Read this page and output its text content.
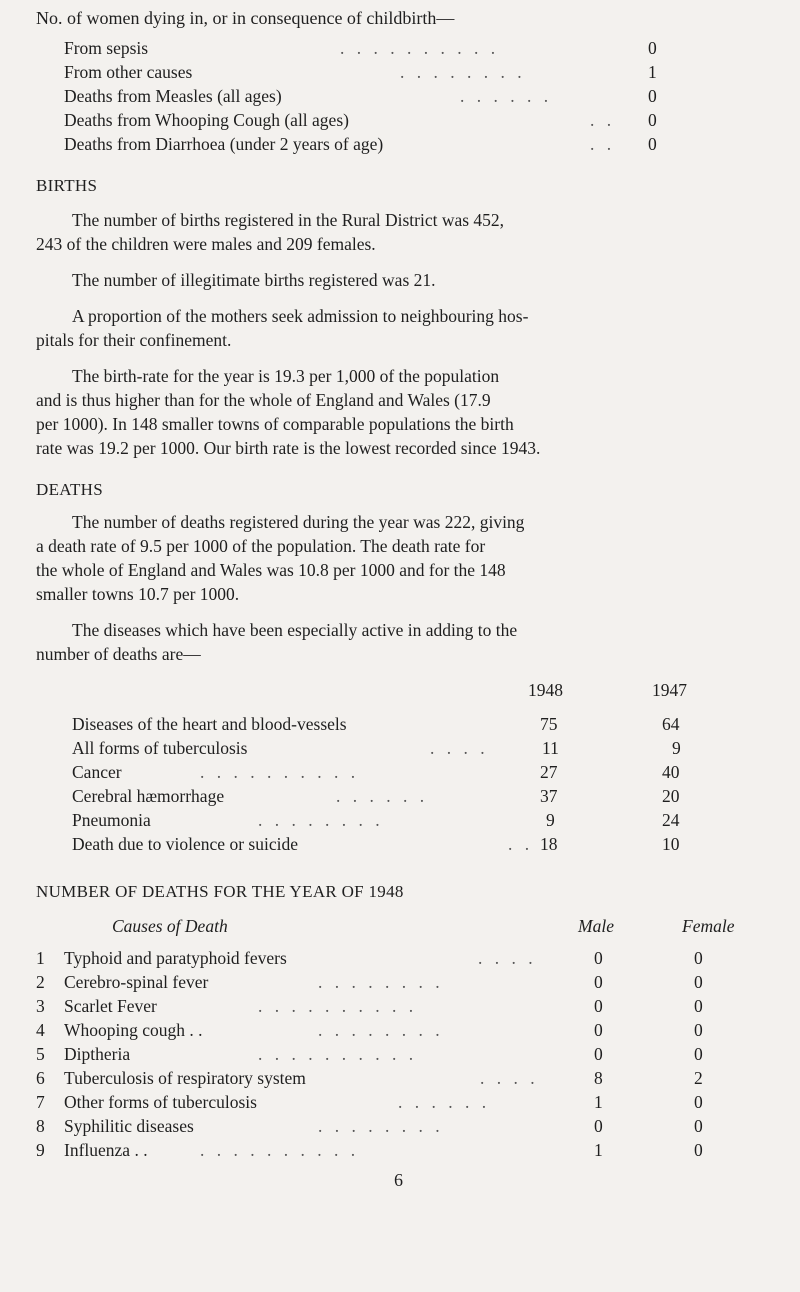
No. of women dying in, or in consequence of childbirth—
From sepsis	. . . . . . . . . .	0
From other causes	. . . . . . . .	1
Deaths from Measles (all ages)	. . . . . .	0
Deaths from Whooping Cough (all ages)	. . 0
Deaths from Diarrhoea (under 2 years of age)	. . 0
BIRTHS
The number of births registered in the Rural District was 452,
243 of the children were males and 209 females.
The number of illegitimate births registered was 21.
A proportion of the mothers seek admission to neighbouring hos-
pitals for their confinement.
The birth-rate for the year is 19.3 per 1,000 of the population
and is thus higher than for the whole of England and Wales (17.9
per 1000). In 148 smaller towns of comparable populations the birth
rate was 19.2 per 1000. Our birth rate is the lowest recorded since 1943.
DEATHS
The number of deaths registered during the year was 222, giving
a death rate of 9.5 per 1000 of the population. The death rate for
the whole of England and Wales was 10.8 per 1000 and for the 148
smaller towns 10.7 per 1000.
The diseases which have been especially active in adding to the
number of deaths are—
1948	1947
Diseases of the heart and blood-vessels	75	64
All forms of tuberculosis	. . . .	11	9
Cancer	. . . . . . . . . .	27	40
Cerebral hæmorrhage	. . . . . .	37	20
Pneumonia	. . . . . . . .	9	24
Death due to violence or suicide	. . 18	10
NUMBER OF DEATHS FOR THE YEAR OF 1948
Causes of Death	Male	Female
1 Typhoid and paratyphoid fevers	. . . .	0	0
2 Cerebro-spinal fever	. . . . . . . .	0	0
3 Scarlet Fever	. . . . . . . . . .	0	0
4 Whooping cough . .	. . . . . . . .	0	0
5 Diptheria	. . . . . . . . . .	0	0
6 Tuberculosis of respiratory system	. . . .	8	2
7 Other forms of tuberculosis	. . . . . .	1	0
8 Syphilitic diseases	. . . . . . . .	0	0
9 Influenza . .	. . . . . . . . . .	1	0
6
